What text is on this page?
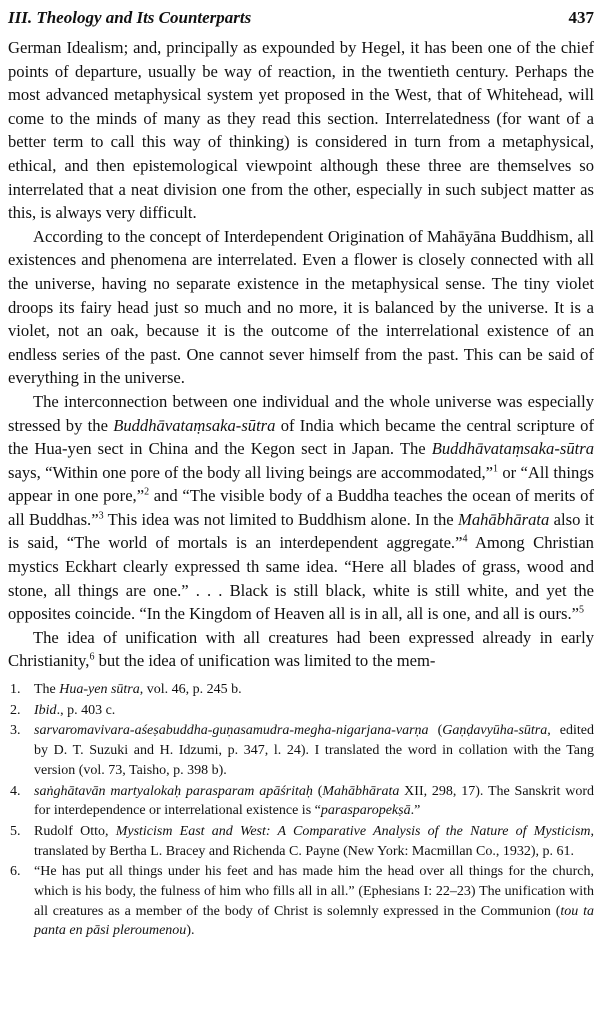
III. Theology and Its Counterparts	437

German Idealism; and, principally as expounded by Hegel, it has been one of the chief points of departure, usually be way of reaction, in the twentieth century. Perhaps the most advanced metaphysical system yet proposed in the West, that of Whitehead, will come to the minds of many as they read this section. Interrelatedness (for want of a better term to call this way of thinking) is considered in turn from a metaphysical, ethical, and then epistemological viewpoint although these three are themselves so interrelated that a neat division one from the other, especially in such subject matter as this, is always very difficult.

According to the concept of Interdependent Origination of Mahāyāna Buddhism, all existences and phenomena are interrelated. Even a flower is closely connected with all the universe, having no separate existence in the metaphysical sense. The tiny violet droops its fairy head just so much and no more, it is balanced by the universe. It is a violet, not an oak, because it is the outcome of the interrelational existence of an endless series of the past. One cannot sever himself from the past. This can be said of everything in the universe.

The interconnection between one individual and the whole universe was especially stressed by the Buddhāvataṃsaka-sūtra of India which became the central scripture of the Hua-yen sect in China and the Kegon sect in Japan. The Buddhāvataṃsaka-sūtra says, “Within one pore of the body all living beings are accommodated,”$^1$ or “All things appear in one pore,”$^2$ and “The visible body of a Buddha teaches the ocean of merits of all Buddhas.”$^3$ This idea was not limited to Buddhism alone. In the Mahābhārata also it is said, “The world of mortals is an interdependent aggregate.”$^4$ Among Christian mystics Eckhart clearly expressed th same idea. “Here all blades of grass, wood and stone, all things are one.” . . . Black is still black, white is still white, and yet the opposites coincide. “In the Kingdom of Heaven all is in all, all is one, and all is ours.”$^5$

The idea of unification with all creatures had been expressed already in early Christianity,$^6$ but the idea of unification was limited to the mem-

1. The Hua-yen sūtra, vol. 46, p. 245 b.
2. Ibid., p. 403 c.
3. sarvaromavivara-aśeṣabuddha-guṇasamudra-megha-nigarjana-varṇa (Gaṇḍavyūha-sūtra, edited by D. T. Suzuki and H. Idzumi, p. 347, l. 24). I translated the word in collation with the Tang version (vol. 73, Taisho, p. 398 b).
4. saṅghātavān martyalokaḥ parasparam apāśritaḥ (Mahābhārata XII, 298, 17). The Sanskrit word for interdependence or interrelational existence is “parasparopekṣā.”
5. Rudolf Otto, Mysticism East and West: A Comparative Analysis of the Nature of Mysticism, translated by Bertha L. Bracey and Richenda C. Payne (New York: Macmillan Co., 1932), p. 61.
6. “He has put all things under his feet and has made him the head over all things for the church, which is his body, the fulness of him who fills all in all.” (Ephesians I: 22–23) The unification with all creatures as a member of the body of Christ is solemnly expressed in the Communion (tou ta panta en pāsi pleroumenou).
